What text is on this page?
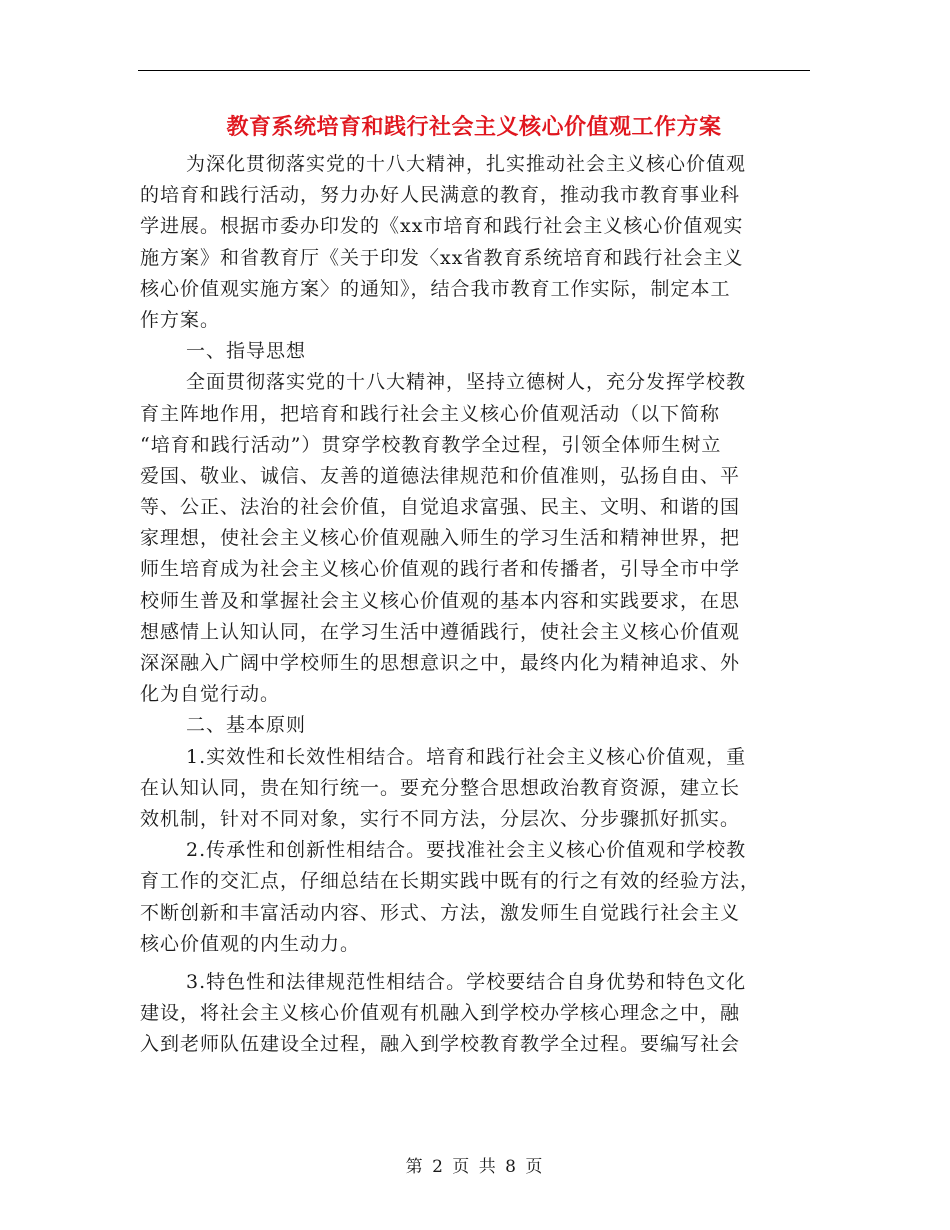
教育系统培育和践行社会主义核心价值观工作方案

为深化贯彻落实党的十八大精神，扎实推动社会主义核心价值观

的培育和践行活动，努力办好人民满意的教育，推动我市教育事业科

学进展。根据市委办印发的《xx市培育和践行社会主义核心价值观实

施方案》和省教育厅《关于印发〈xx省教育系统培育和践行社会主义

核心价值观实施方案〉的通知》，结合我市教育工作实际，制定本工

作方案。

一、指导思想

全面贯彻落实党的十八大精神，坚持立德树人，充分发挥学校教

育主阵地作用，把培育和践行社会主义核心价值观活动（以下简称

“培育和践行活动”）贯穿学校教育教学全过程，引领全体师生树立

爱国、敬业、诚信、友善的道德法律规范和价值准则，弘扬自由、平

等、公正、法治的社会价值，自觉追求富强、民主、文明、和谐的国

家理想，使社会主义核心价值观融入师生的学习生活和精神世界，把

师生培育成为社会主义核心价值观的践行者和传播者，引导全市中学

校师生普及和掌握社会主义核心价值观的基本内容和实践要求，在思

想感情上认知认同，在学习生活中遵循践行，使社会主义核心价值观

深深融入广阔中学校师生的思想意识之中，最终内化为精神追求、外

化为自觉行动。

二、基本原则

1.实效性和长效性相结合。培育和践行社会主义核心价值观，重

在认知认同，贵在知行统一。要充分整合思想政治教育资源，建立长

效机制，针对不同对象，实行不同方法，分层次、分步骤抓好抓实。

2.传承性和创新性相结合。要找准社会主义核心价值观和学校教

育工作的交汇点，仔细总结在长期实践中既有的行之有效的经验方法，

不断创新和丰富活动内容、形式、方法，激发师生自觉践行社会主义

核心价值观的内生动力。

3.特色性和法律规范性相结合。学校要结合自身优势和特色文化

建设，将社会主义核心价值观有机融入到学校办学核心理念之中，融

入到老师队伍建设全过程，融入到学校教育教学全过程。要编写社会

第 2 页 共 8 页
